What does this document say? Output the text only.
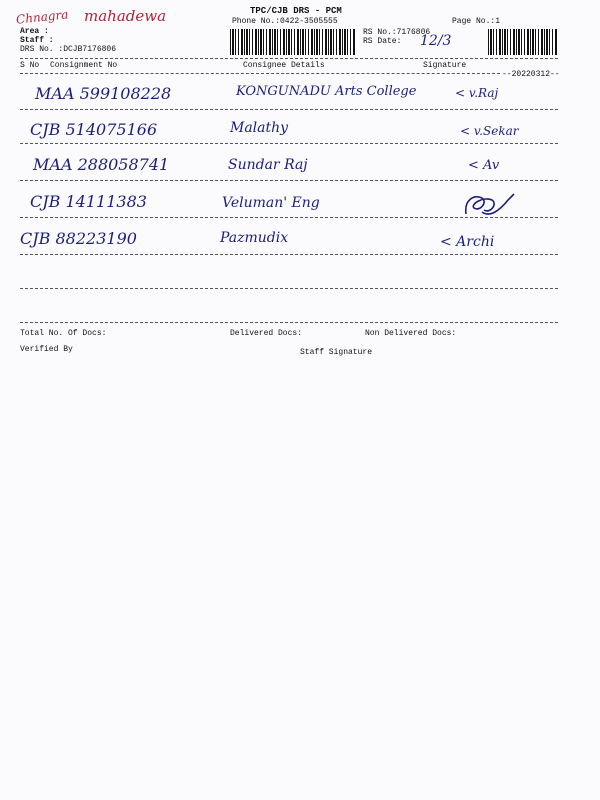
Chnagra mahadewa	TPC/CJB DRS - PCM
Phone No.:0422-3505555
Area :
Staff :
DRS No. :DCJB7176806
RS No.:7176806
RS Date: 12/3
Page No.:1
S No Consignment No	Consignee Details	Signature
--20220312--
MAA 599108228	KONGUNADU Arts College	< v.Raj
CJB 514075166	Malathy	< v.Sekar
MAA 288058741	Sundar Raj	< Av
CJB 14111383	Veluman' Eng
CJB 88223190	Pazmudix	< Archi
Total No. Of Docs:	Delivered Docs:	Non Delivered Docs:
Verified By	Staff Signature
